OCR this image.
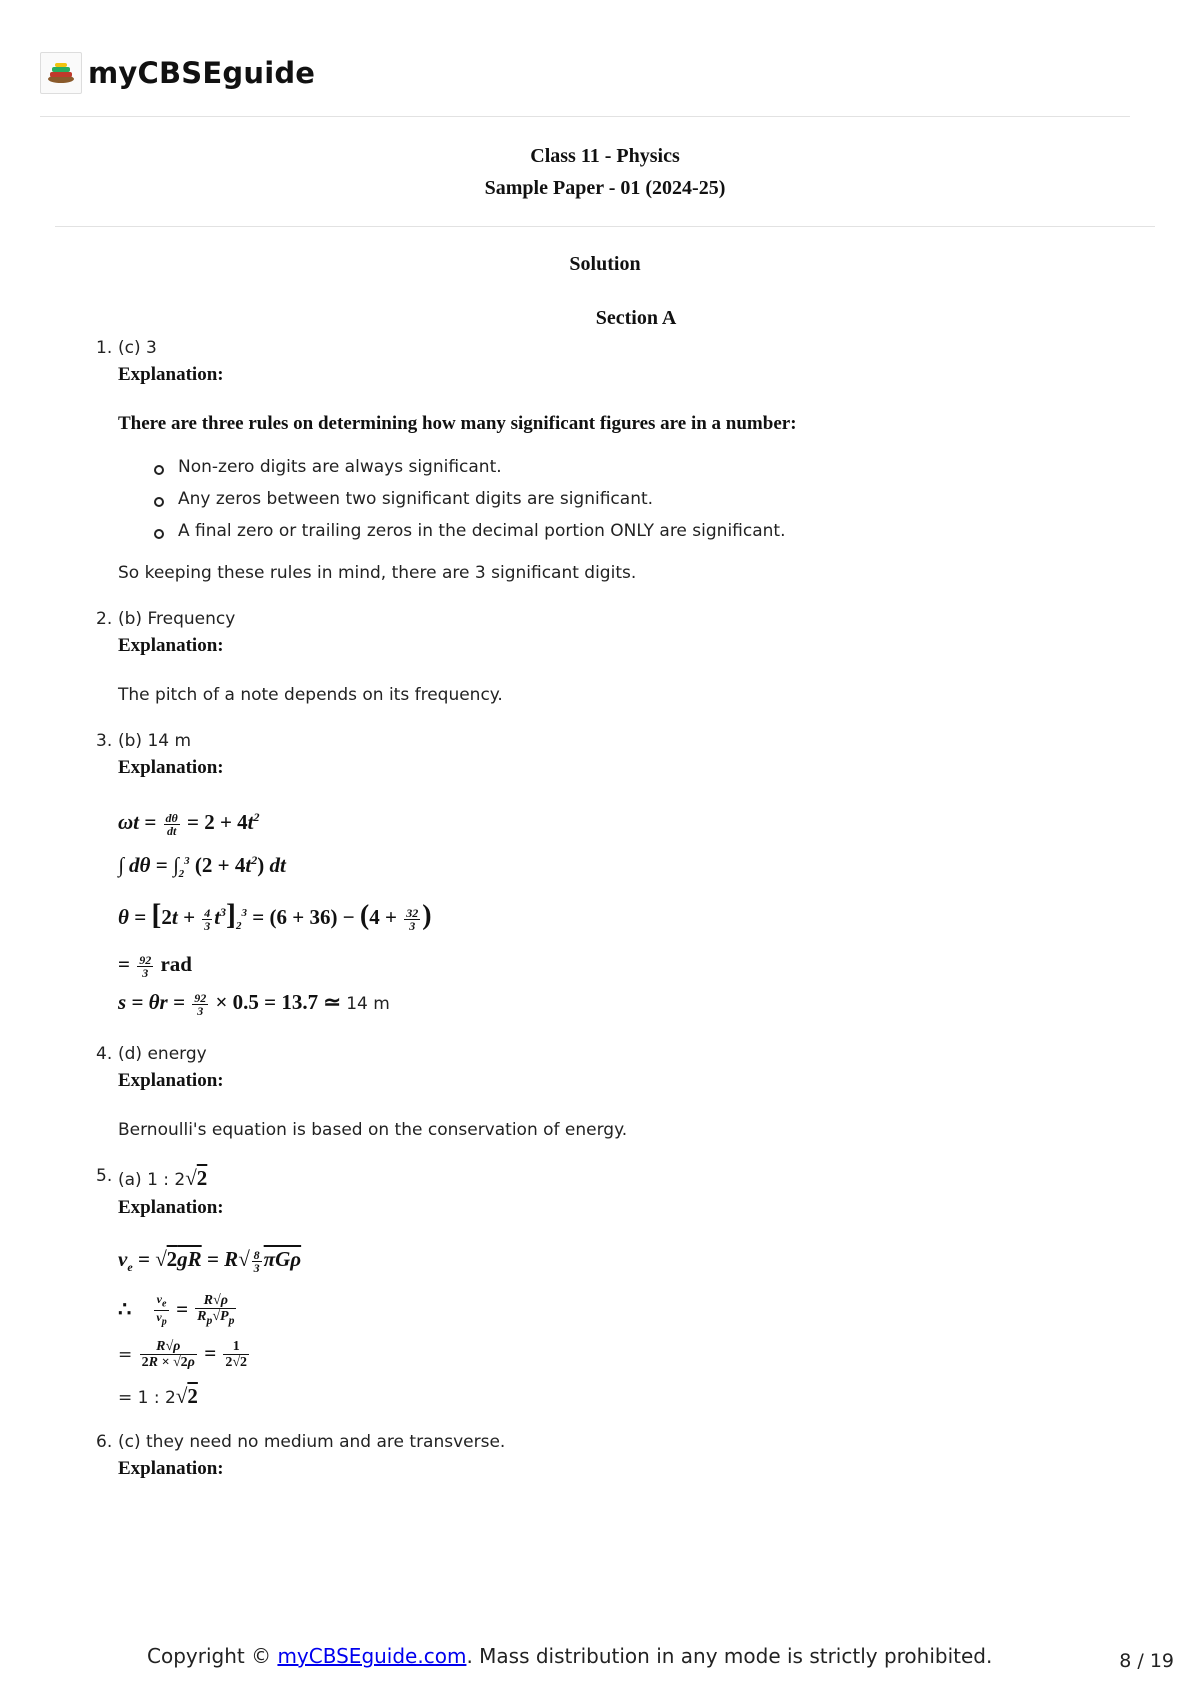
myCBSEguide
Class 11 - Physics
Sample Paper - 01 (2024-25)
Solution
Section A
1. (c) 3
Explanation:
There are three rules on determining how many significant figures are in a number:
Non-zero digits are always significant.
Any zeros between two significant digits are significant.
A final zero or trailing zeros in the decimal portion ONLY are significant.
So keeping these rules in mind, there are 3 significant digits.
2. (b) Frequency
Explanation:
The pitch of a note depends on its frequency.
3. (b) 14 m
Explanation:
$\omega t = \frac{d\theta}{dt} = 2 + 4t^2$
∫ $d\theta = \int_2^3$ $(2 + 4t^2)$ dt
$\theta = [2t + \frac{4}{3} t^3]_2^3 = (6 + 36) - (4 + \frac{32}{3}$ )
= $\frac{92}{3}$ rad
$s = \theta r = \frac{92}{3} \times 0.5 = 13.7$ ≃ 14 m
4. (d) energy
Explanation:
Bernoulli's equation is based on the conservation of energy.
5. (a) 1 : 2√2
Explanation:
$v_e = √2gR = R√ \frac{8}{3}$ πGρ
∴ $\frac{v_e}{v_p} = \frac{R√\rho}{R_p√P_p}$
= $\frac{R√\rho}{2R \times √2\rho} = \frac{1}{2√2}$
= 1 : 2√2
6. (c) they need no medium and are transverse.
Explanation:
Copyright © myCBSEguide.com. Mass distribution in any mode is strictly prohibited.	8 / 19
